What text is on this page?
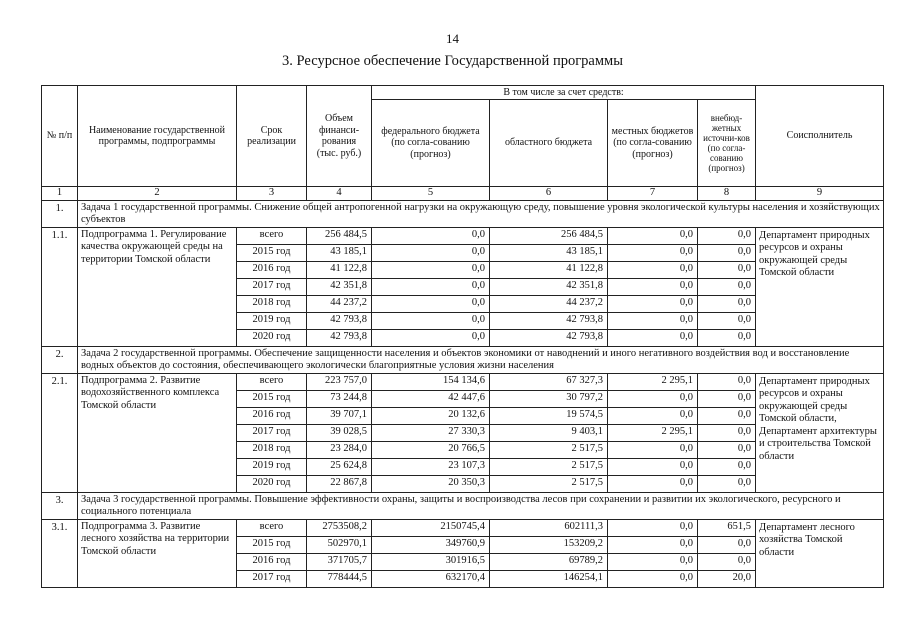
14
3. Ресурсное обеспечение Государственной программы
№ п/п	Наименование государственной программы, подпрограммы	Срок реализации	Объем финанси-рования (тыс. руб.)	В том числе за счет средств:				Соисполнитель
				федерального бюджета (по согла-сованию (прогноз)	областного бюджета	местных бюджетов (по согла-сованию (прогноз)	внебюд-жетных источни-ков (по согла-сованию (прогноз)	
1	2	3	4	5	6	7	8	9
1.	Задача 1 государственной программы. Снижение общей антропогенной нагрузки на окружающую среду, повышение уровня экологической культуры населения и хозяйствующих субъектов							
1.1.	Подпрограмма 1. Регулирование качества окружающей среды на территории Томской области	всего	256 484,5	0,0	256 484,5	0,0	0,0	Департамент природных ресурсов и охраны окружающей среды Томской области
		2015 год	43 185,1	0,0	43 185,1	0,0	0,0	
		2016 год	41 122,8	0,0	41 122,8	0,0	0,0	
		2017 год	42 351,8	0,0	42 351,8	0,0	0,0	
		2018 год	44 237,2	0,0	44 237,2	0,0	0,0	
		2019 год	42 793,8	0,0	42 793,8	0,0	0,0	
		2020 год	42 793,8	0,0	42 793,8	0,0	0,0	
2.	Задача 2 государственной программы. Обеспечение защищенности населения и объектов экономики от наводнений и иного негативного воздействия вод и восстановление водных объектов до состояния, обеспечивающего экологически благоприятные условия жизни населения							
2.1.	Подпрограмма 2. Развитие водохозяйственного комплекса Томской области	всего	223 757,0	154 134,6	67 327,3	2 295,1	0,0	Департамент природных ресурсов и охраны окружающей среды Томской области, Департамент архитектуры и строительства Томской области
		2015 год	73 244,8	42 447,6	30 797,2	0,0	0,0	
		2016 год	39 707,1	20 132,6	19 574,5	0,0	0,0	
		2017 год	39 028,5	27 330,3	9 403,1	2 295,1	0,0	
		2018 год	23 284,0	20 766,5	2 517,5	0,0	0,0	
		2019 год	25 624,8	23 107,3	2 517,5	0,0	0,0	
		2020 год	22 867,8	20 350,3	2 517,5	0,0	0,0	
3.	Задача 3 государственной программы. Повышение эффективности охраны, защиты и воспроизводства лесов при сохранении и развитии их экологического, ресурсного и социального потенциала							
3.1.	Подпрограмма 3. Развитие лесного хозяйства на территории Томской области	всего	2753508,2	2150745,4	602111,3	0,0	651,5	Департамент лесного хозяйства Томской области
		2015 год	502970,1	349760,9	153209,2	0,0	0,0	
		2016 год	371705,7	301916,5	69789,2	0,0	0,0	
		2017 год	778444,5	632170,4	146254,1	0,0	20,0	
